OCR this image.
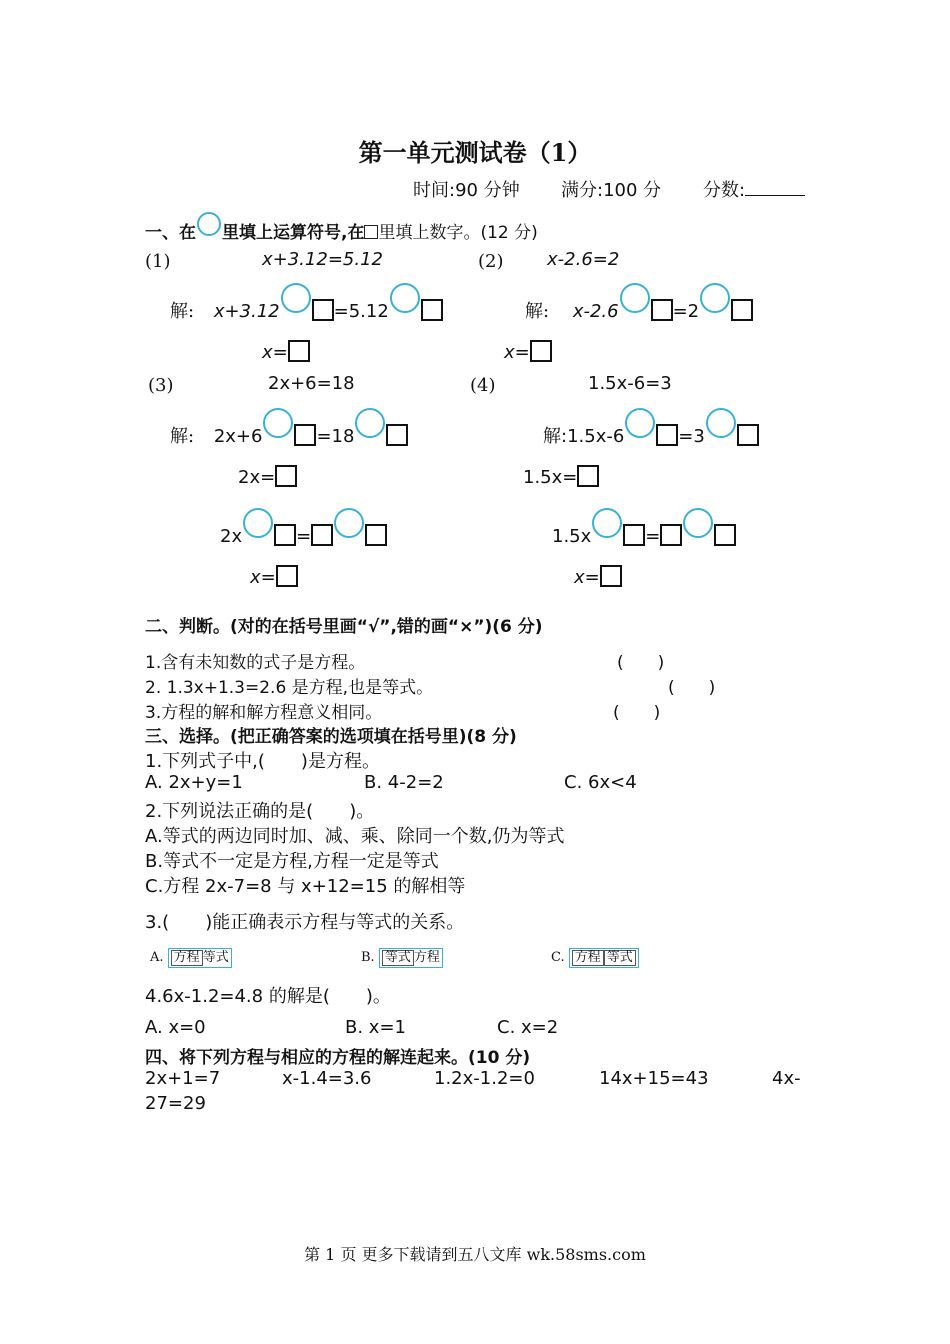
第一单元测试卷（1）
时间:90 分钟 满分:100 分 分数:
一、在 里填上运算符号,在 里填上数字。(12 分)
(1)	x+3.12=5.12
解: x+3.12	=5.12
x=
(2) x-2.6=2
解: x-2.6	=2
x=
(3)	2x+6=18
解: 2x+6	=18
2x=
2x	=
x=
(4)	1.5x-6=3
解:1.5x-6	=3
1.5x=
1.5x	=
x=
二、判断。(对的在括号里画“√”,错的画“×”)(6 分)
1.含有未知数的式子是方程。	(　　)
2. 1.3x+1.3=2.6 是方程,也是等式。	(　　)
3.方程的解和解方程意义相同。	(　　)
三、选择。(把正确答案的选项填在括号里)(8 分)
1.下列式子中,(　　)是方程。
A. 2x+y=1	B. 4-2=2	C. 6x<4
2.下列说法正确的是(　　)。
A.等式的两边同时加、减、乘、除同一个数,仍为等式
B.等式不一定是方程,方程一定是等式
C.方程 2x-7=8 与 x+12=15 的解相等
3.(　　)能正确表示方程与等式的关系。
A. 方程 等式	B. 等式 方程	C. 方程 等式
4.6x-1.2=4.8 的解是(　　)。
A. x=0	B. x=1	C. x=2
四、将下列方程与相应的方程的解连起来。(10 分)
2x+1=7	x-1.4=3.6	1.2x-1.2=0	14x+15=43	4x-
27=29
第 1 页 更多下载请到五八文库 wk.58sms.com
